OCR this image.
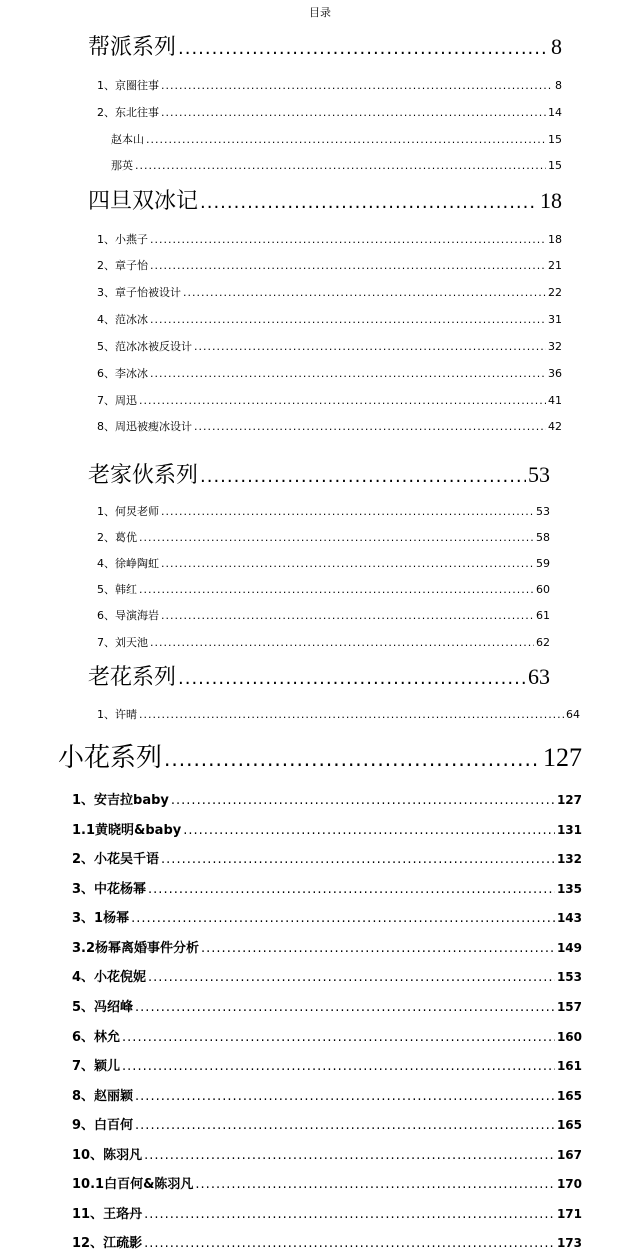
目录
帮派系列 .....	8
1、京圈往事 .....	8
2、东北往事 .....	14
赵本山 .....	15
那英 .....	15
四旦双冰记 .....	18
1、小燕子 .....	18
2、章子怡 .....	21
3、章子怡被设计 .....	22
4、范冰冰 .....	31
5、范冰冰被反设计 .....	32
6、李冰冰 .....	36
7、周迅 .....	41
8、周迅被瘦冰设计 .....	42
老家伙系列 .....	53
1、何炅老师 .....	53
2、葛优 .....	58
4、徐峥陶虹 .....	59
5、韩红 .....	60
6、导演海岩 .....	61
7、刘天池 .....	62
老花系列 .....	63
1、许晴 .....	64
小花系列 .....	127
1、安吉拉baby .....	127
1.1黄晓明&baby .....	131
2、小花吴千语 .....	132
3、中花杨幂 .....	135
3、1杨幂 .....	143
3.2杨幂离婚事件分析 .....	149
4、小花倪妮 .....	153
5、冯绍峰 .....	157
6、林允 .....	160
7、颖儿 .....	161
8、赵丽颖 .....	165
9、白百何 .....	165
10、陈羽凡 .....	167
10.1白百何&陈羽凡 .....	170
11、王珞丹 .....	171
12、江疏影 .....	173
